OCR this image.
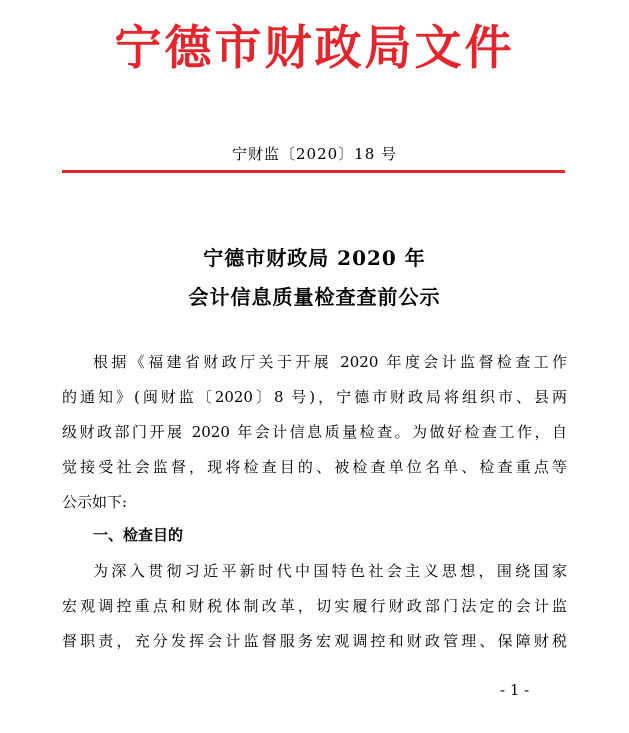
宁德市财政局文件
宁财监〔2020〕18 号
宁德市财政局 2020 年
会计信息质量检查查前公示
根据《福建省财政厅关于开展 2020 年度会计监督检查工作
的通知》(闽财监〔2020〕8 号)，宁德市财政局将组织市、县两
级财政部门开展 2020 年会计信息质量检查。为做好检查工作，自
觉接受社会监督，现将检查目的、被检查单位名单、检查重点等
公示如下:
一、检查目的
为深入贯彻习近平新时代中国特色社会主义思想，围绕国家
宏观调控重点和财税体制改革，切实履行财政部门法定的会计监
督职责，充分发挥会计监督服务宏观调控和财政管理、保障财税
- 1 -
